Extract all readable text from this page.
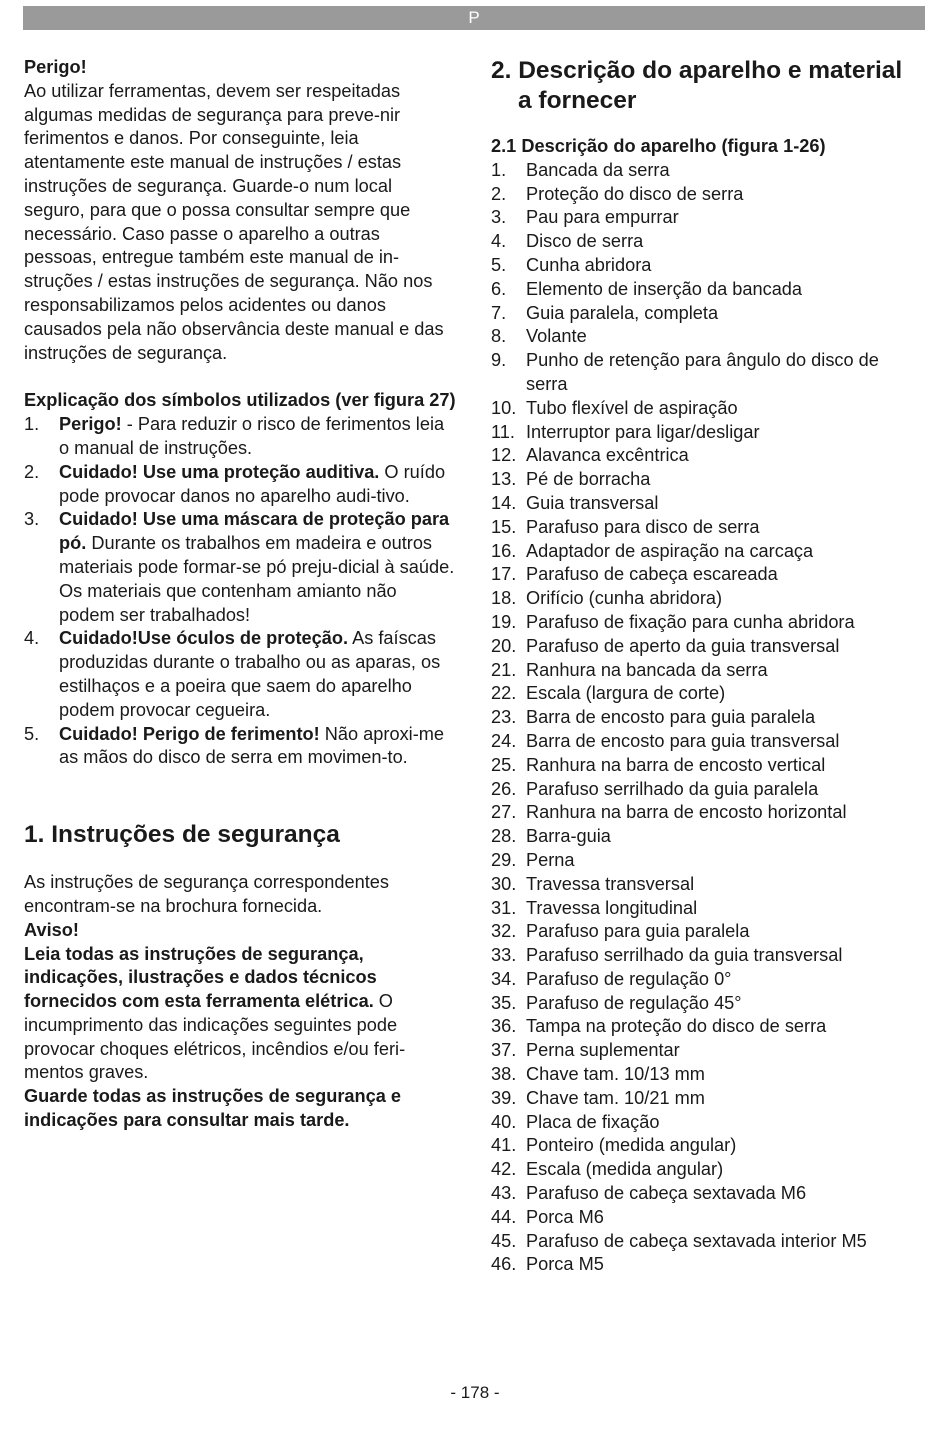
P

Perigo!

Ao utilizar ferramentas, devem ser respeitadas algumas medidas de segurança para preve-nir ferimentos e danos. Por conseguinte, leia atentamente este manual de instruções / estas instruções de segurança. Guarde-o num local seguro, para que o possa consultar sempre que necessário. Caso passe o aparelho a outras pessoas, entregue também este manual de in-struções / estas instruções de segurança. Não nos responsabilizamos pelos acidentes ou danos causados pela não observância deste manual e das instruções de segurança.

Explicação dos símbolos utilizados (ver figura 27)

1. Perigo! - Para reduzir o risco de ferimentos leia o manual de instruções.
2. Cuidado! Use uma proteção auditiva. O ruído pode provocar danos no aparelho audi-tivo.
3. Cuidado! Use uma máscara de proteção para pó. Durante os trabalhos em madeira e outros materiais pode formar-se pó preju-dicial à saúde. Os materiais que contenham amianto não podem ser trabalhados!
4. Cuidado!Use óculos de proteção. As faíscas produzidas durante o trabalho ou as aparas, os estilhaços e a poeira que saem do aparelho podem provocar cegueira.
5. Cuidado! Perigo de ferimento! Não aproxi-me as mãos do disco de serra em movimen-to.

1. Instruções de segurança

As instruções de segurança correspondentes encontram-se na brochura fornecida.

Aviso!

Leia todas as instruções de segurança, indicações, ilustrações e dados técnicos fornecidos com esta ferramenta elétrica. O incumprimento das indicações seguintes pode provocar choques elétricos, incêndios e/ou feri-mentos graves.

Guarde todas as instruções de segurança e indicações para consultar mais tarde.

2. Descrição do aparelho e material a fornecer

2.1 Descrição do aparelho (figura 1-26)

1. Bancada da serra
2. Proteção do disco de serra
3. Pau para empurrar
4. Disco de serra
5. Cunha abridora
6. Elemento de inserção da bancada
7. Guia paralela, completa
8. Volante
9. Punho de retenção para ângulo do disco de serra
10. Tubo flexível de aspiração
11. Interruptor para ligar/desligar
12. Alavanca excêntrica
13. Pé de borracha
14. Guia transversal
15. Parafuso para disco de serra
16. Adaptador de aspiração na carcaça
17. Parafuso de cabeça escareada
18. Orifício (cunha abridora)
19. Parafuso de fixação para cunha abridora
20. Parafuso de aperto da guia transversal
21. Ranhura na bancada da serra
22. Escala (largura de corte)
23. Barra de encosto para guia paralela
24. Barra de encosto para guia transversal
25. Ranhura na barra de encosto vertical
26. Parafuso serrilhado da guia paralela
27. Ranhura na barra de encosto horizontal
28. Barra-guia
29. Perna
30. Travessa transversal
31. Travessa longitudinal
32. Parafuso para guia paralela
33. Parafuso serrilhado da guia transversal
34. Parafuso de regulação 0°
35. Parafuso de regulação 45°
36. Tampa na proteção do disco de serra
37. Perna suplementar
38. Chave tam. 10/13 mm
39. Chave tam. 10/21 mm
40. Placa de fixação
41. Ponteiro (medida angular)
42. Escala (medida angular)
43. Parafuso de cabeça sextavada M6
44. Porca M6
45. Parafuso de cabeça sextavada interior M5
46. Porca M5
- 178 -
